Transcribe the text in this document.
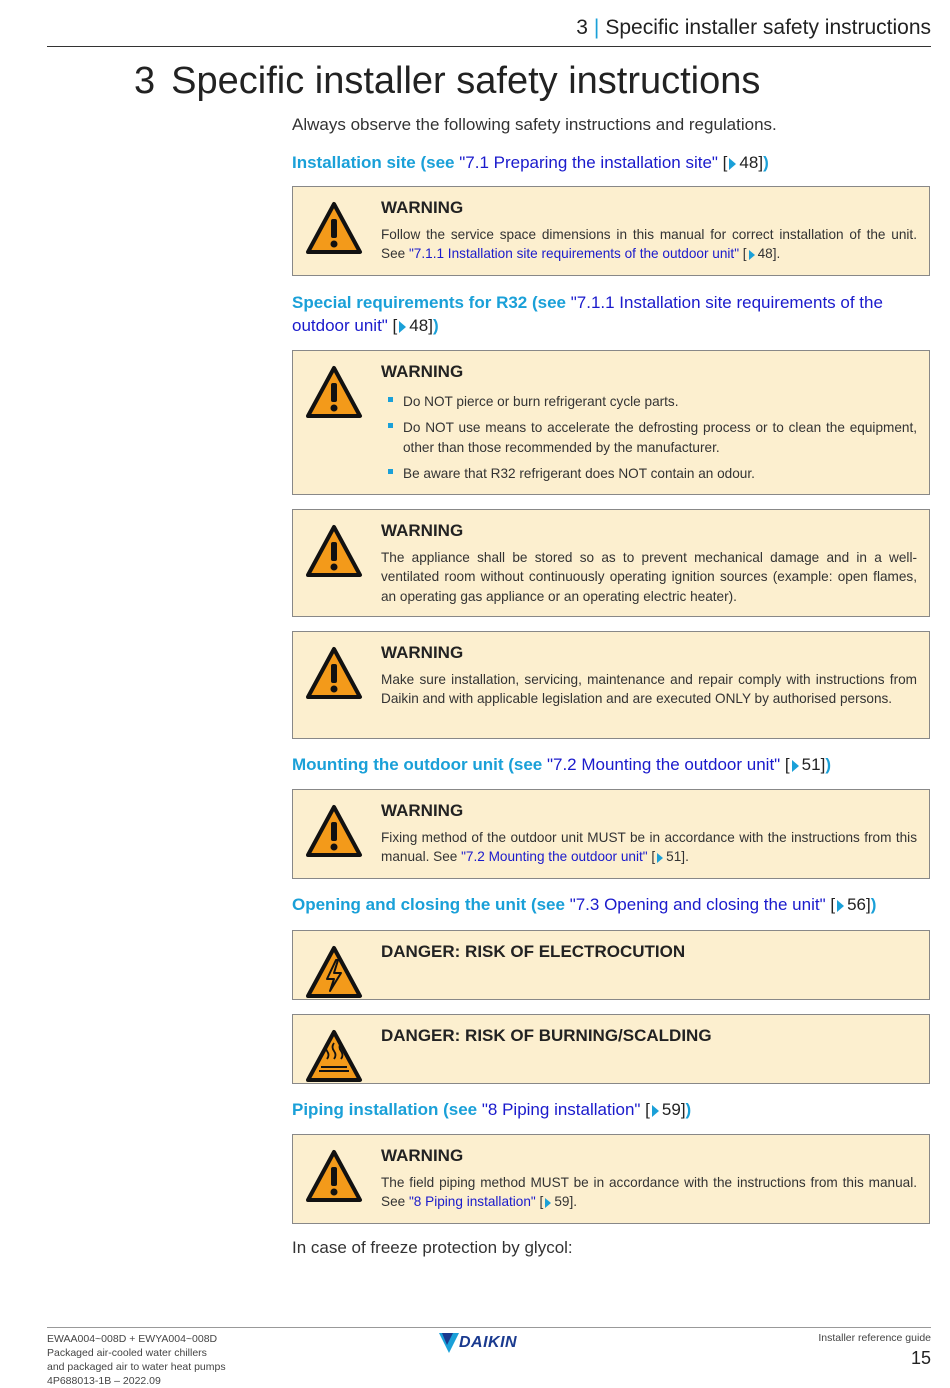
3 | Specific installer safety instructions
3 Specific installer safety instructions
Always observe the following safety instructions and regulations.
Installation site (see "7.1 Preparing the installation site" [ 48])
WARNING
Follow the service space dimensions in this manual for correct installation of the unit. See "7.1.1 Installation site requirements of the outdoor unit" [ 48].
Special requirements for R32 (see "7.1.1 Installation site requirements of the outdoor unit" [ 48])
WARNING
Do NOT pierce or burn refrigerant cycle parts.
Do NOT use means to accelerate the defrosting process or to clean the equipment, other than those recommended by the manufacturer.
Be aware that R32 refrigerant does NOT contain an odour.
WARNING
The appliance shall be stored so as to prevent mechanical damage and in a well-ventilated room without continuously operating ignition sources (example: open flames, an operating gas appliance or an operating electric heater).
WARNING
Make sure installation, servicing, maintenance and repair comply with instructions from Daikin and with applicable legislation and are executed ONLY by authorised persons.
Mounting the outdoor unit (see "7.2 Mounting the outdoor unit" [ 51])
WARNING
Fixing method of the outdoor unit MUST be in accordance with the instructions from this manual. See "7.2 Mounting the outdoor unit" [ 51].
Opening and closing the unit (see "7.3 Opening and closing the unit" [ 56])
DANGER: RISK OF ELECTROCUTION
DANGER: RISK OF BURNING/SCALDING
Piping installation (see "8 Piping installation" [ 59])
WARNING
The field piping method MUST be in accordance with the instructions from this manual. See "8 Piping installation" [ 59].
In case of freeze protection by glycol:
EWAA004~008D + EWYA004~008D
Packaged air-cooled water chillers
and packaged air to water heat pumps
4P688013-1B – 2022.09
DAIKIN	Installer reference guide
15
